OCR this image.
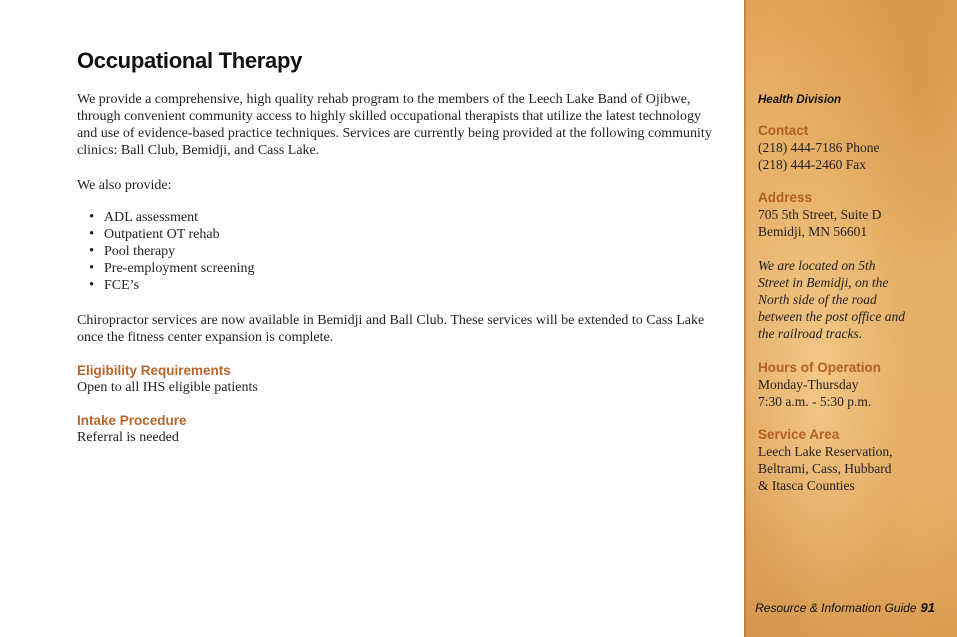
Occupational Therapy

We provide a comprehensive, high quality rehab program to the members of the Leech Lake Band of Ojibwe,

through convenient community access to highly skilled occupational therapists that utilize the latest technology

and use of evidence-based practice techniques. Services are currently being provided at the following community

clinics: Ball Club, Bemidji, and Cass Lake.

We also provide:

• ADL assessment
• Outpatient OT rehab
• Pool therapy
• Pre-employment screening
• FCE’s

Chiropractor services are now available in Bemidji and Ball Club. These services will be extended to Cass Lake

once the fitness center expansion is complete.

Eligibility Requirements

Open to all IHS eligible patients

Intake Procedure

Referral is needed

Health Division
Contact
(218) 444-7186 Phone
(218) 444-2460 Fax
Address
705 5th Street, Suite D
Bemidji, MN 56601
We are located on 5th
Street in Bemidji, on the
North side of the road
between the post office and
the railroad tracks.
Hours of Operation
Monday-Thursday
7:30 a.m. - 5:30 p.m.
Service Area
Leech Lake Reservation,
Beltrami, Cass, Hubbard
& Itasca Counties
Resource & Information Guide 91
